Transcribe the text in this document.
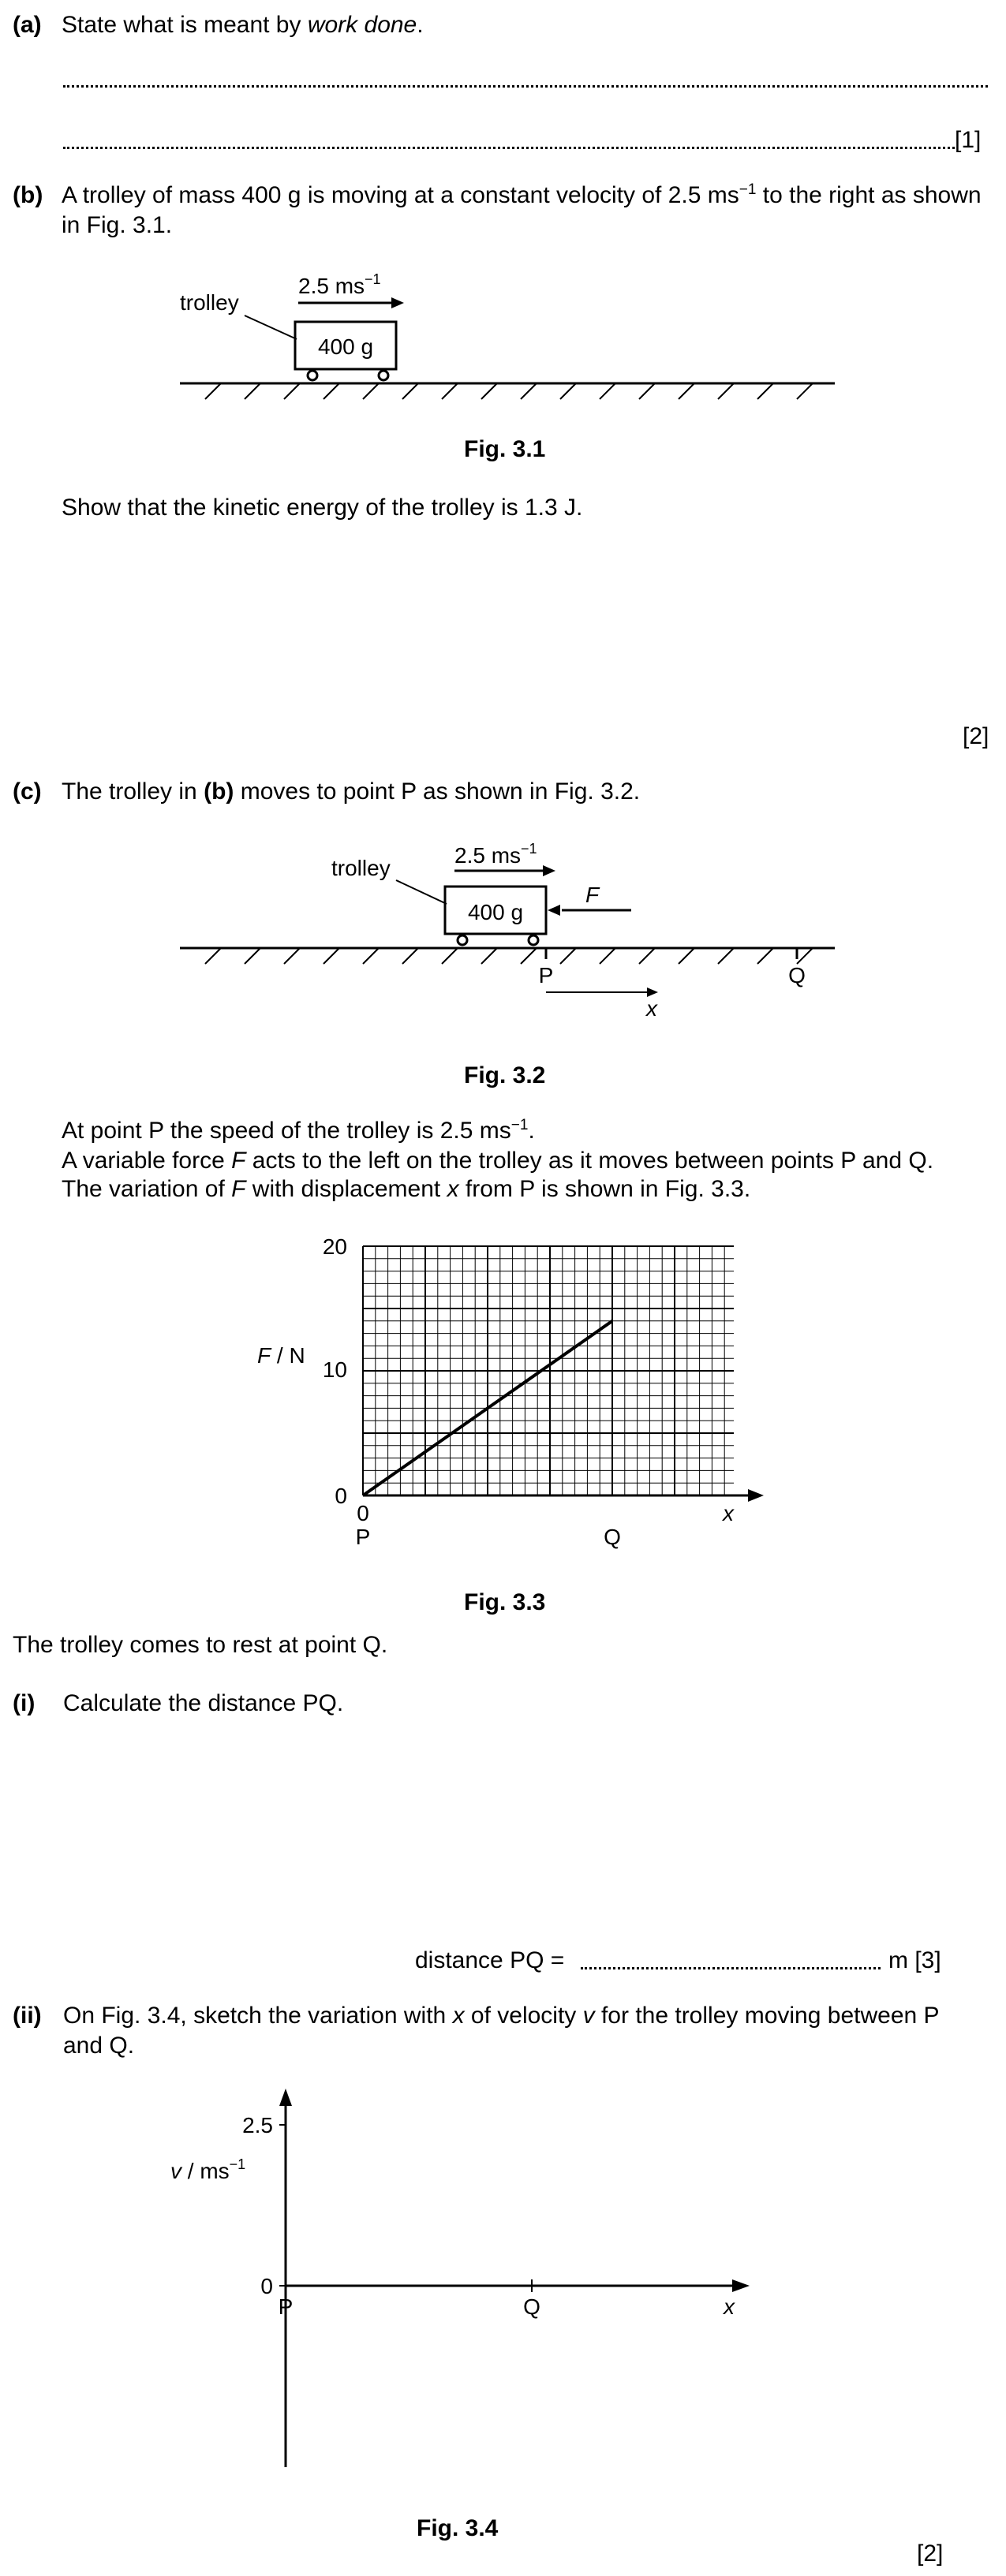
(a) State what is meant by work done.
[1]
(b) A trolley of mass 400 g is moving at a constant velocity of 2.5 $ms^{-1}$ to the right as shown
in Fig. 3.1.
400 g
trolley
2.5 $ms^{-1}$
Fig. 3.1
Show that the kinetic energy of the trolley is 1.3 J.
[2]
(c) The trolley in (b) moves to point P as shown in Fig. 3.2.
400 g
trolley
2.5 $ms^{-1}$
F
P	Q
x
Fig. 3.2
At point P the speed of the trolley is 2.5 $ms^{-1}$.
A variable force F acts to the left on the trolley as it moves between points P and Q.
The variation of F with displacement x from P is shown in Fig. 3.3.
20
10
0
0
F / N
P	Q
x
Fig. 3.3
The trolley comes to rest at point Q.
(i) Calculate the distance PQ.
distance PQ =	m [3]
(ii) On Fig. 3.4, sketch the variation with x of velocity v for the trolley moving between P
and Q.
2.5
0
v / $ms^{-1}$
P	Q	x
Fig. 3.4
[2]
